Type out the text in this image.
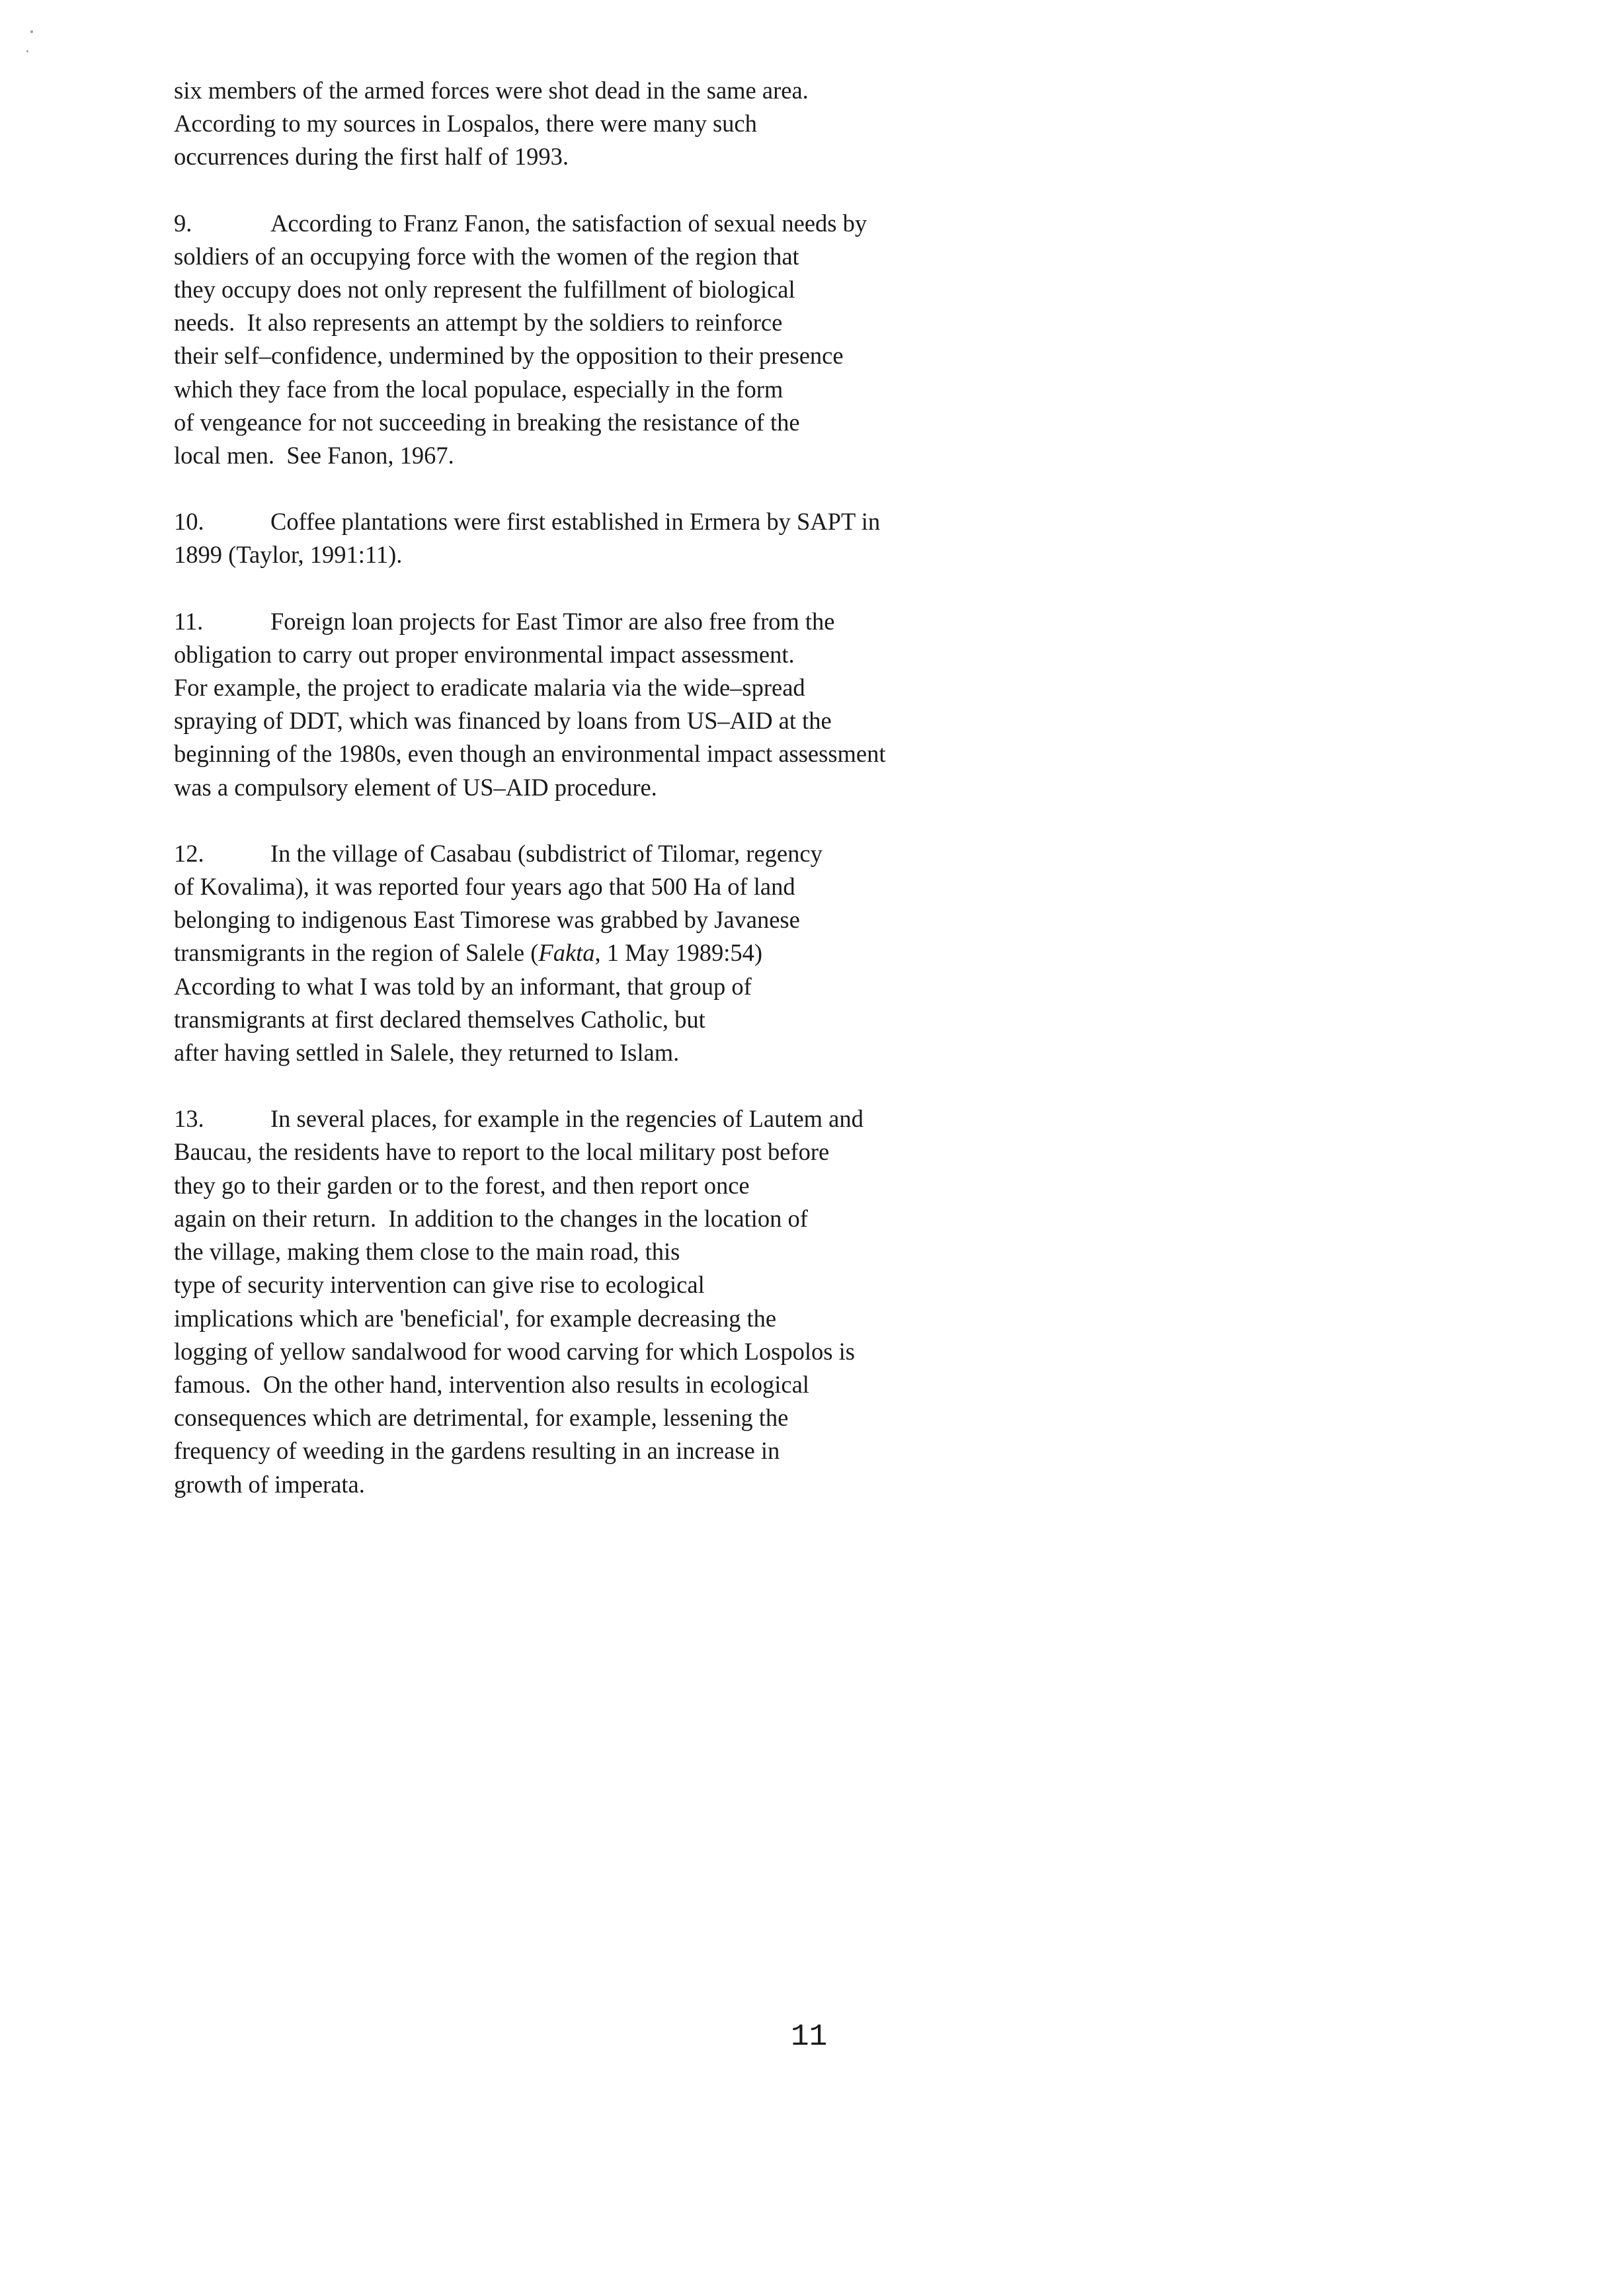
six members of the armed forces were shot dead in the same area.
According to my sources in Lospalos, there were many such
occurrences during the first half of 1993.
9.	According to Franz Fanon, the satisfaction of sexual needs by
soldiers of an occupying force with the women of the region that
they occupy does not only represent the fulfillment of biological
needs.  It also represents an attempt by the soldiers to reinforce
their self–confidence, undermined by the opposition to their presence
which they face from the local populace, especially in the form
of vengeance for not succeeding in breaking the resistance of the
local men.  See Fanon, 1967.
10.	Coffee plantations were first established in Ermera by SAPT in
1899 (Taylor, 1991:11).
11.	Foreign loan projects for East Timor are also free from the
obligation to carry out proper environmental impact assessment.
For example, the project to eradicate malaria via the wide–spread
spraying of DDT, which was financed by loans from US–AID at the
beginning of the 1980s, even though an environmental impact assessment
was a compulsory element of US–AID procedure.
12.	In the village of Casabau (subdistrict of Tilomar, regency
of Kovalima), it was reported four years ago that 500 Ha of land
belonging to indigenous East Timorese was grabbed by Javanese
transmigrants in the region of Salele (Fakta, 1 May 1989:54)
According to what I was told by an informant, that group of
transmigrants at first declared themselves Catholic, but
after having settled in Salele, they returned to Islam.
13.	In several places, for example in the regencies of Lautem and
Baucau, the residents have to report to the local military post before
they go to their garden or to the forest, and then report once
again on their return.  In addition to the changes in the location of
the village, making them close to the main road, this
type of security intervention can give rise to ecological
implications which are 'beneficial', for example decreasing the
logging of yellow sandalwood for wood carving for which Lospolos is
famous.  On the other hand, intervention also results in ecological
consequences which are detrimental, for example, lessening the
frequency of weeding in the gardens resulting in an increase in
growth of imperata.
11
